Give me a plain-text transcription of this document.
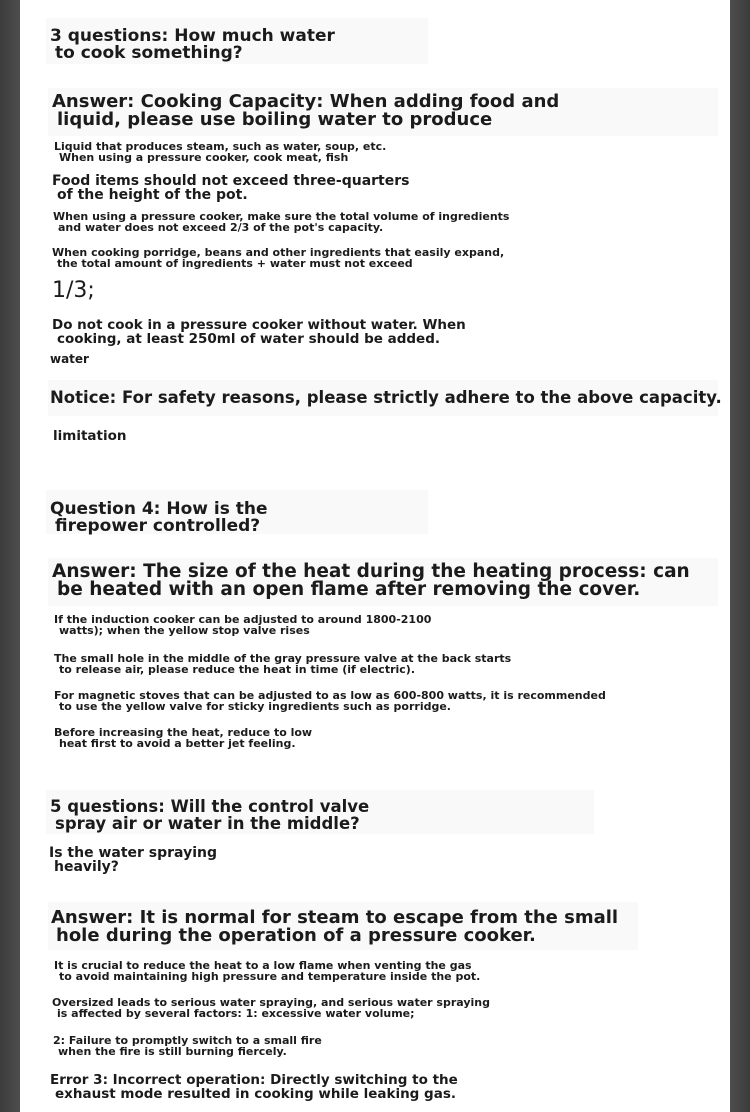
3 questions: How much water
to cook something?
Answer: Cooking Capacity: When adding food and
liquid, please use boiling water to produce
Liquid that produces steam, such as water, soup, etc.
When using a pressure cooker, cook meat, fish
Food items should not exceed three-quarters
of the height of the pot.
When using a pressure cooker, make sure the total volume of ingredients
and water does not exceed 2/3 of the pot's capacity.
When cooking porridge, beans and other ingredients that easily expand,
the total amount of ingredients + water must not exceed
1/3;
Do not cook in a pressure cooker without water. When
cooking, at least 250ml of water should be added.
water
Notice: For safety reasons, please strictly adhere to the above capacity.
limitation
Question 4: How is the
firepower controlled?
Answer: The size of the heat during the heating process: can
be heated with an open flame after removing the cover.
If the induction cooker can be adjusted to around 1800-2100
watts); when the yellow stop valve rises
The small hole in the middle of the gray pressure valve at the back starts
to release air, please reduce the heat in time (if electric).
For magnetic stoves that can be adjusted to as low as 600-800 watts, it is recommended
to use the yellow valve for sticky ingredients such as porridge.
Before increasing the heat, reduce to low
heat first to avoid a better jet feeling.
5 questions: Will the control valve
spray air or water in the middle?
Is the water spraying
heavily?
Answer: It is normal for steam to escape from the small
hole during the operation of a pressure cooker.
It is crucial to reduce the heat to a low flame when venting the gas
to avoid maintaining high pressure and temperature inside the pot.
Oversized leads to serious water spraying, and serious water spraying
is affected by several factors: 1: excessive water volume;
2: Failure to promptly switch to a small fire
when the fire is still burning fiercely.
Error 3: Incorrect operation: Directly switching to the
exhaust mode resulted in cooking while leaking gas.
